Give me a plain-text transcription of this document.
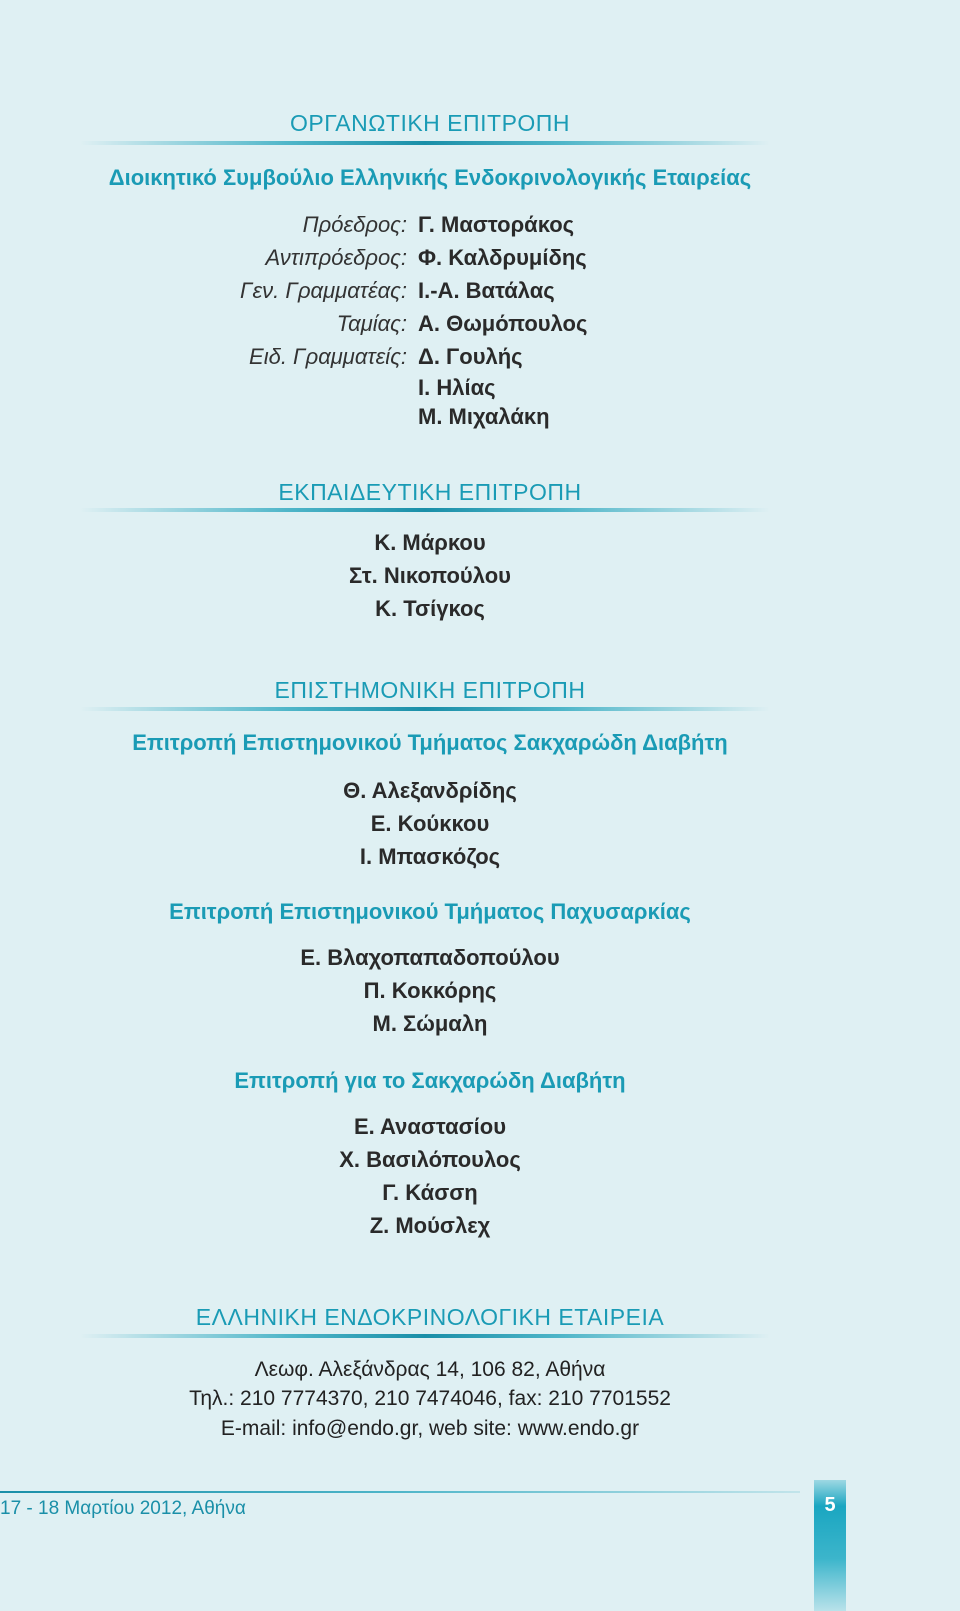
ΟΡΓΑΝΩΤΙΚΗ ΕΠΙΤΡΟΠΗ
Διοικητικό Συμβούλιο Ελληνικής Ενδοκρινολογικής Εταιρείας
Πρόεδρος: Γ. Μαστοράκος
Αντιπρόεδρος: Φ. Καλδρυμίδης
Γεν. Γραμματέας: Ι.-Α. Βατάλας
Ταμίας: Α. Θωμόπουλος
Ειδ. Γραμματείς: Δ. Γουλής
Ι. Ηλίας
Μ. Μιχαλάκη
ΕΚΠΑΙΔΕΥΤΙΚΗ ΕΠΙΤΡΟΠΗ
Κ. Μάρκου
Στ. Νικοπούλου
Κ. Τσίγκος
ΕΠΙΣΤΗΜΟΝΙΚΗ ΕΠΙΤΡΟΠΗ
Επιτροπή Επιστημονικού Τμήματος Σακχαρώδη Διαβήτη
Θ. Αλεξανδρίδης
Ε. Κούκκου
Ι. Μπασκόζος
Επιτροπή Επιστημονικού Τμήματος Παχυσαρκίας
Ε. Βλαχοπαπαδοπούλου
Π. Κοκκόρης
Μ. Σώμαλη
Επιτροπή για το Σακχαρώδη Διαβήτη
Ε. Αναστασίου
Χ. Βασιλόπουλος
Γ. Κάσση
Ζ. Μούσλεχ
ΕΛΛΗΝΙΚΗ ΕΝΔΟΚΡΙΝΟΛΟΓΙΚΗ ΕΤΑΙΡΕΙΑ
Λεωφ. Αλεξάνδρας 14, 106 82, Αθήνα
Τηλ.: 210 7774370, 210 7474046, fax: 210 7701552
E-mail: info@endo.gr, web site: www.endo.gr
17 - 18 Μαρτίου 2012, Αθήνα	5
